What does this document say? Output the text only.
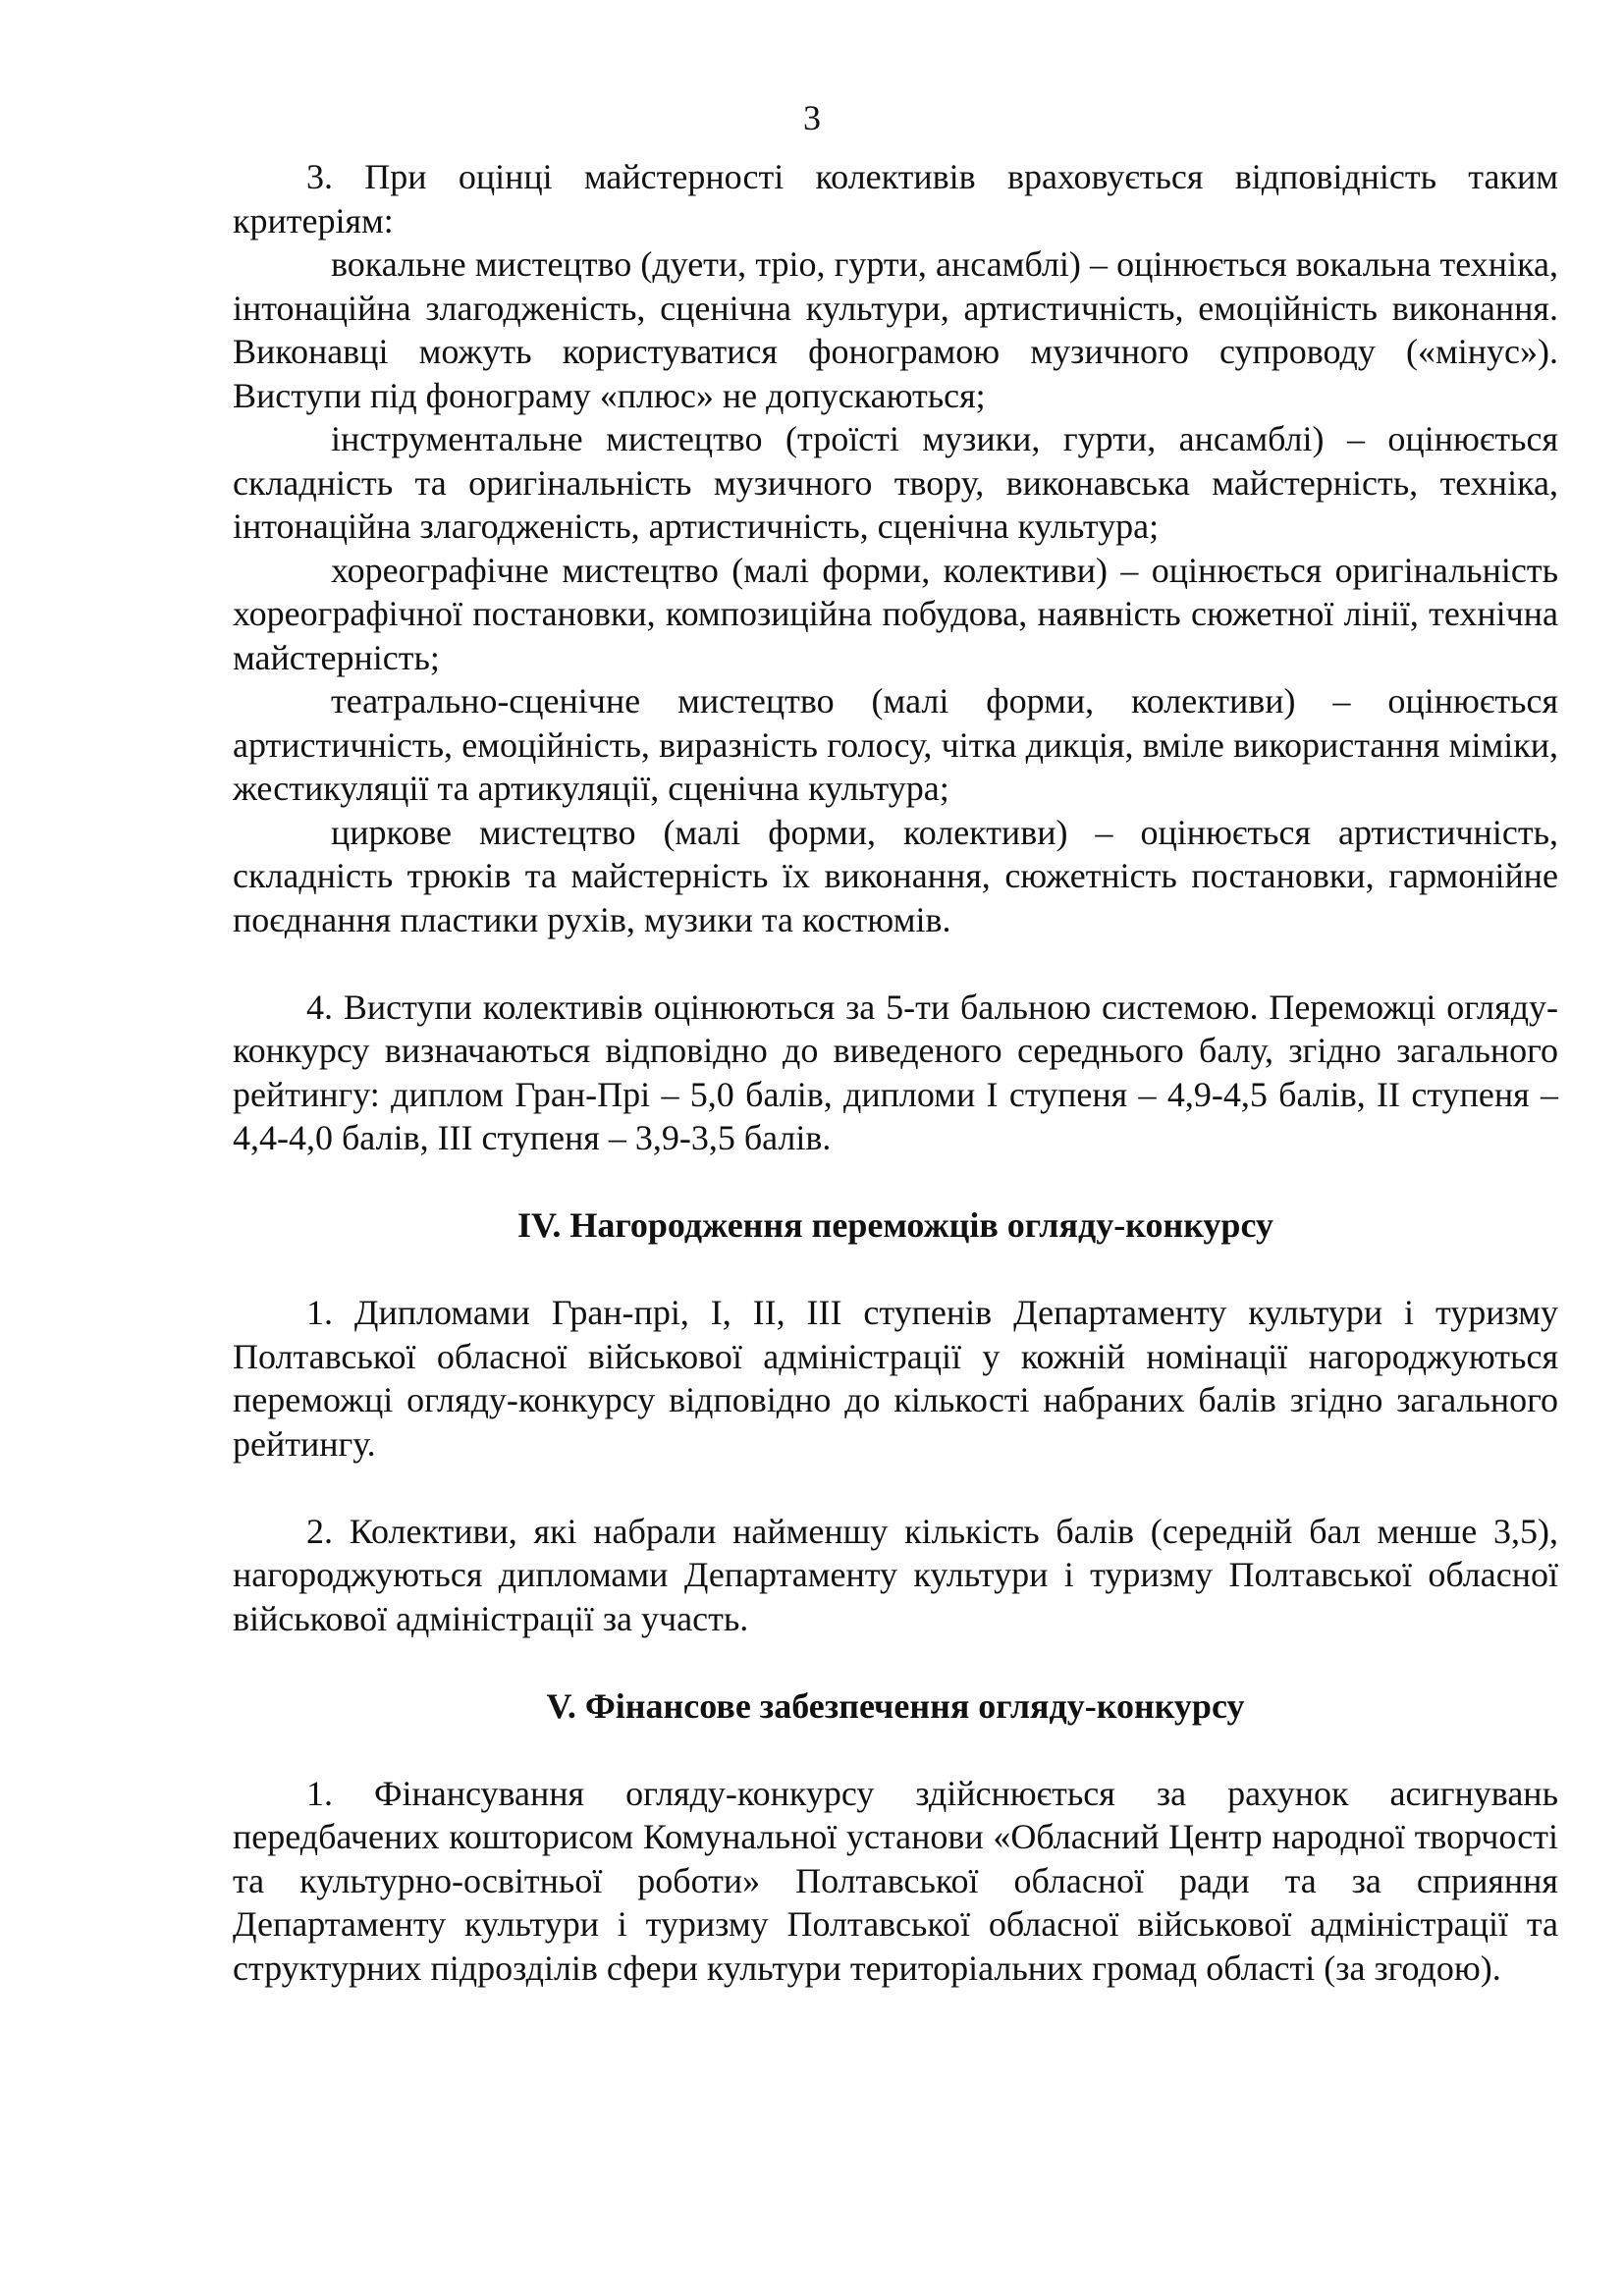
3

3. При оцінці майстерності колективів враховується відповідність таким критеріям:

вокальне мистецтво (дуети, тріо, гурти, ансамблі) – оцінюється вокальна техніка, інтонаційна злагодженість, сценічна культури, артистичність, емоційність виконання. Виконавці можуть користуватися фонограмою музичного супроводу («мінус»). Виступи під фонограму «плюс» не допускаються;

інструментальне мистецтво (троїсті музики, гурти, ансамблі) – оцінюється складність та оригінальність музичного твору, виконавська майстерність, техніка, інтонаційна злагодженість, артистичність, сценічна культура;

хореографічне мистецтво (малі форми, колективи) – оцінюється оригінальність хореографічної постановки, композиційна побудова, наявність сюжетної лінії, технічна майстерність;

театрально-сценічне мистецтво (малі форми, колективи) – оцінюється артистичність, емоційність, виразність голосу, чітка дикція, вміле використання міміки, жестикуляції та артикуляції, сценічна культура;

циркове мистецтво (малі форми, колективи) – оцінюється артистичність, складність трюків та майстерність їх виконання, сюжетність постановки, гармонійне поєднання пластики рухів, музики та костюмів.

4. Виступи колективів оцінюються за 5-ти бальною системою. Переможці огляду-конкурсу визначаються відповідно до виведеного середнього балу, згідно загального рейтингу: диплом Гран-Прі – 5,0 балів, дипломи І ступеня – 4,9-4,5 балів, ІІ ступеня – 4,4-4,0 балів, ІІІ ступеня – 3,9-3,5 балів.

IV. Нагородження переможців огляду-конкурсу

1. Дипломами Гран-прі, І, ІІ, ІІІ ступенів Департаменту культури і туризму Полтавської обласної військової адміністрації у кожній номінації нагороджуються переможці огляду-конкурсу відповідно до кількості набраних балів згідно загального рейтингу.

2. Колективи, які набрали найменшу кількість балів (середній бал менше 3,5), нагороджуються дипломами Департаменту культури і туризму Полтавської обласної військової адміністрації за участь.

V. Фінансове забезпечення огляду-конкурсу

1. Фінансування огляду-конкурсу здійснюється за рахунок асигнувань передбачених кошторисом Комунальної установи «Обласний Центр народної творчості та культурно-освітньої роботи» Полтавської обласної ради та за сприяння Департаменту культури і туризму Полтавської обласної військової адміністрації та структурних підрозділів сфери культури територіальних громад області (за згодою).
